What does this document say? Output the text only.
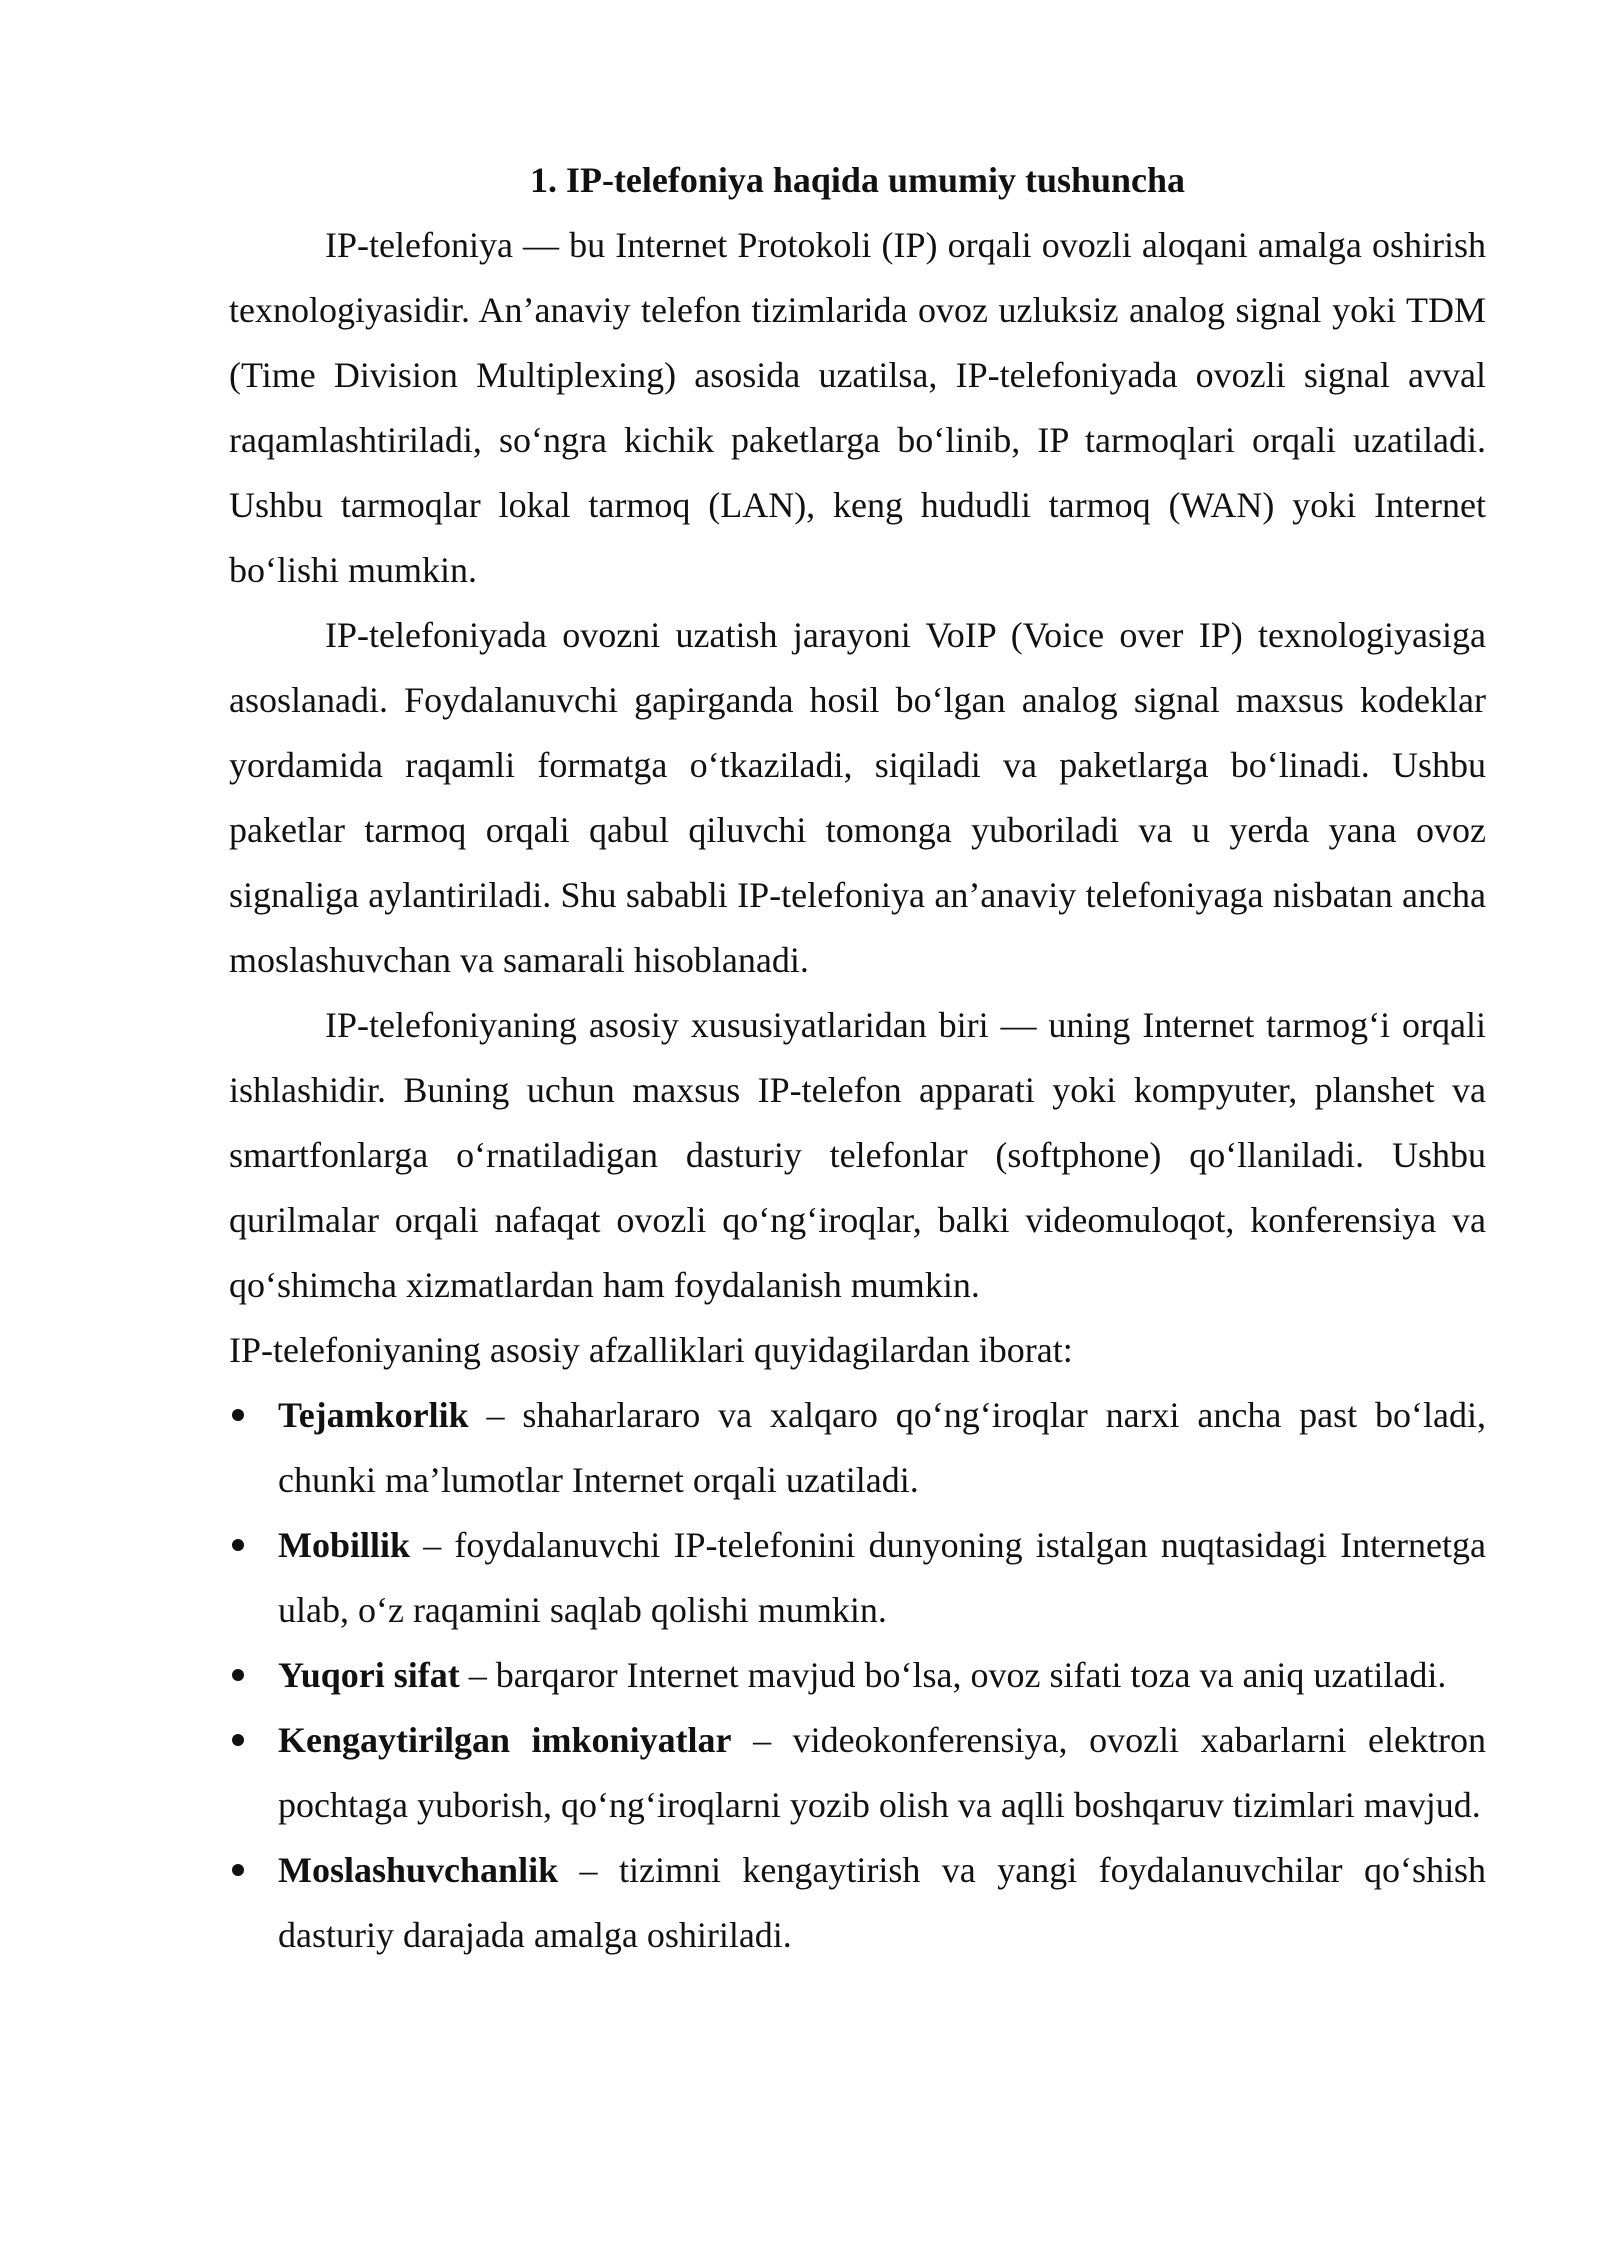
1. IP-telefoniya haqida umumiy tushuncha

IP-telefoniya — bu Internet Protokoli (IP) orqali ovozli aloqani amalga oshirish texnologiyasidir. An’anaviy telefon tizimlarida ovoz uzluksiz analog signal yoki TDM (Time Division Multiplexing) asosida uzatilsa, IP-telefoniyada ovozli signal avval raqamlashtiriladi, soʻngra kichik paketlarga boʻlinib, IP tarmoqlari orqali uzatiladi. Ushbu tarmoqlar lokal tarmoq (LAN), keng hududli tarmoq (WAN) yoki Internet boʻlishi mumkin.

IP-telefoniyada ovozni uzatish jarayoni VoIP (Voice over IP) texnologiyasiga asoslanadi. Foydalanuvchi gapirganda hosil boʻlgan analog signal maxsus kodeklar yordamida raqamli formatga oʻtkaziladi, siqiladi va paketlarga boʻlinadi. Ushbu paketlar tarmoq orqali qabul qiluvchi tomonga yuboriladi va u yerda yana ovoz signaliga aylantiriladi. Shu sababli IP-telefoniya an’anaviy telefoniyaga nisbatan ancha moslashuvchan va samarali hisoblanadi.

IP-telefoniyaning asosiy xususiyatlaridan biri — uning Internet tarmogʻi orqali ishlashidir. Buning uchun maxsus IP-telefon apparati yoki kompyuter, planshet va smartfonlarga oʻrnatiladigan dasturiy telefonlar (softphone) qoʻllaniladi. Ushbu qurilmalar orqali nafaqat ovozli qoʻngʻiroqlar, balki videomuloqot, konferensiya va qoʻshimcha xizmatlardan ham foydalanish mumkin.

IP-telefoniyaning asosiy afzalliklari quyidagilardan iborat:

Tejamkorlik – shaharlararo va xalqaro qoʻngʻiroqlar narxi ancha past boʻladi, chunki ma’lumotlar Internet orqali uzatiladi.
Mobillik – foydalanuvchi IP-telefonini dunyoning istalgan nuqtasidagi Internetga ulab, oʻz raqamini saqlab qolishi mumkin.
Yuqori sifat – barqaror Internet mavjud boʻlsa, ovoz sifati toza va aniq uzatiladi.
Kengaytirilgan imkoniyatlar – videokonferensiya, ovozli xabarlarni elektron pochtaga yuborish, qoʻngʻiroqlarni yozib olish va aqlli boshqaruv tizimlari mavjud.
Moslashuvchanlik – tizimni kengaytirish va yangi foydalanuvchilar qoʻshish dasturiy darajada amalga oshiriladi.
